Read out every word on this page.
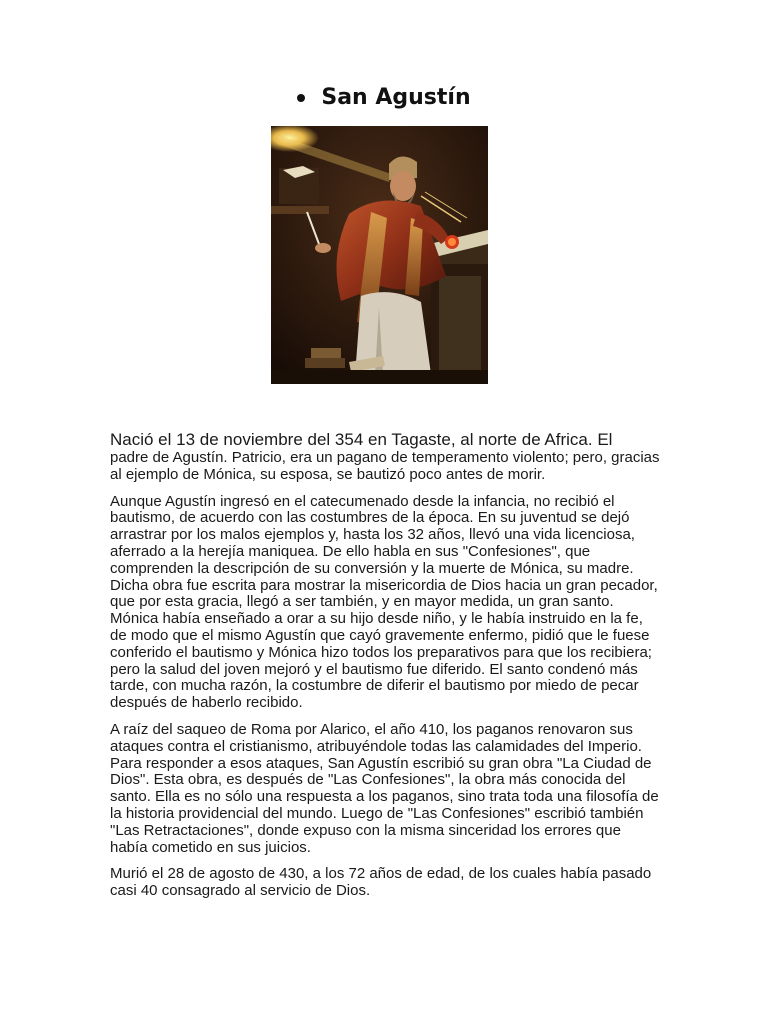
San Agustín

Nació el 13 de noviembre del 354 en Tagaste, al norte de Africa. El
padre de Agustín. Patricio, era un pagano de temperamento violento; pero, gracias al ejemplo de Mónica, su esposa, se bautizó poco antes de morir.

Aunque Agustín ingresó en el catecumenado desde la infancia, no recibió el bautismo, de acuerdo con las costumbres de la época. En su juventud se dejó arrastrar por los malos ejemplos y, hasta los 32 años, llevó una vida licenciosa, aferrado a la herejía maniquea. De ello habla en sus "Confesiones", que comprenden la descripción de su conversión y la muerte de Mónica, su madre. Dicha obra fue escrita para mostrar la misericordia de Dios hacia un gran pecador, que por esta gracia, llegó a ser también, y en mayor medida, un gran santo. Mónica había enseñado a orar a su hijo desde niño, y le había instruido en la fe, de modo que el mismo Agustín que cayó gravemente enfermo, pidió que le fuese conferido el bautismo y Mónica hizo todos los preparativos para que los recibiera; pero la salud del joven mejoró y el bautismo fue diferido. El santo condenó más tarde, con mucha razón, la costumbre de diferir el bautismo por miedo de pecar después de haberlo recibido.

A raíz del saqueo de Roma por Alarico, el año 410, los paganos renovaron sus ataques contra el cristianismo, atribuyéndole todas las calamidades del Imperio. Para responder a esos ataques, San Agustín escribió su gran obra "La Ciudad de Dios". Esta obra, es después de "Las Confesiones", la obra más conocida del santo. Ella es no sólo una respuesta a los paganos, sino trata toda una filosofía de la historia providencial del mundo. Luego de "Las Confesiones" escribió también "Las Retractaciones", donde expuso con la misma sinceridad los errores que había cometido en sus juicios.

Murió el 28 de agosto de 430, a los 72 años de edad, de los cuales había pasado casi 40 consagrado al servicio de Dios.
